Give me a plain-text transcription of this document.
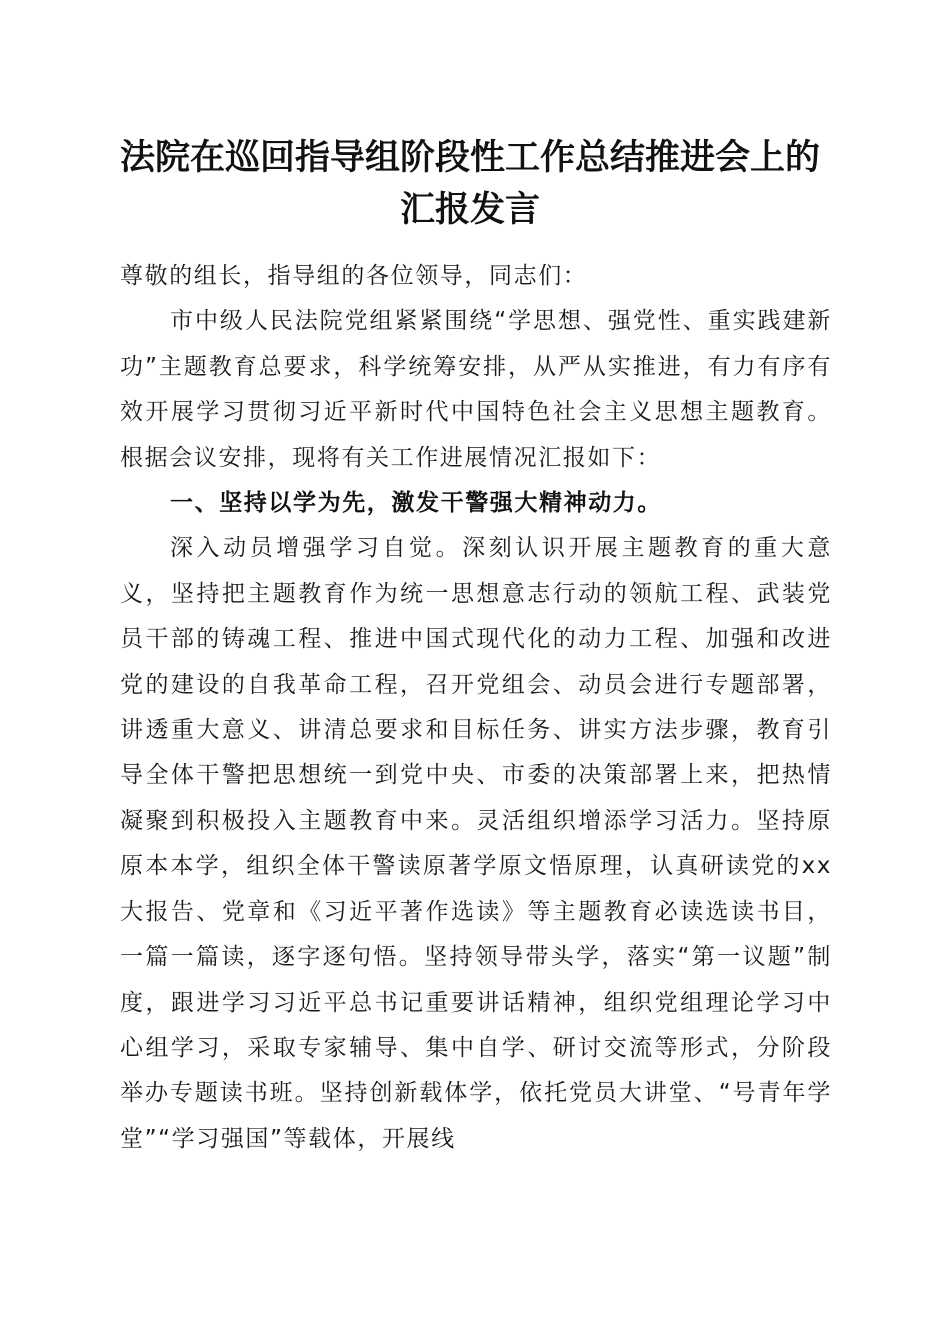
法院在巡回指导组阶段性工作总结推进会上的
汇报发言

尊敬的组长，指导组的各位领导，同志们：

市中级人民法院党组紧紧围绕“学思想、强党性、重实践建新功”主题教育总要求，科学统筹安排，从严从实推进，有力有序有效开展学习贯彻习近平新时代中国特色社会主义思想主题教育。根据会议安排，现将有关工作进展情况汇报如下：

一、坚持以学为先，激发干警强大精神动力。

深入动员增强学习自觉。深刻认识开展主题教育的重大意义，坚持把主题教育作为统一思想意志行动的领航工程、武装党员干部的铸魂工程、推进中国式现代化的动力工程、加强和改进党的建设的自我革命工程，召开党组会、动员会进行专题部署，讲透重大意义、讲清总要求和目标任务、讲实方法步骤，教育引导全体干警把思想统一到党中央、市委的决策部署上来，把热情凝聚到积极投入主题教育中来。灵活组织增添学习活力。坚持原原本本学，组织全体干警读原著学原文悟原理，认真研读党的xx大报告、党章和《习近平著作选读》等主题教育必读选读书目，一篇一篇读，逐字逐句悟。坚持领导带头学，落实“第一议题”制度，跟进学习习近平总书记重要讲话精神，组织党组理论学习中心组学习，采取专家辅导、集中自学、研讨交流等形式，分阶段举办专题读书班。坚持创新载体学，依托党员大讲堂、“号青年学堂”“学习强国”等载体，开展线
